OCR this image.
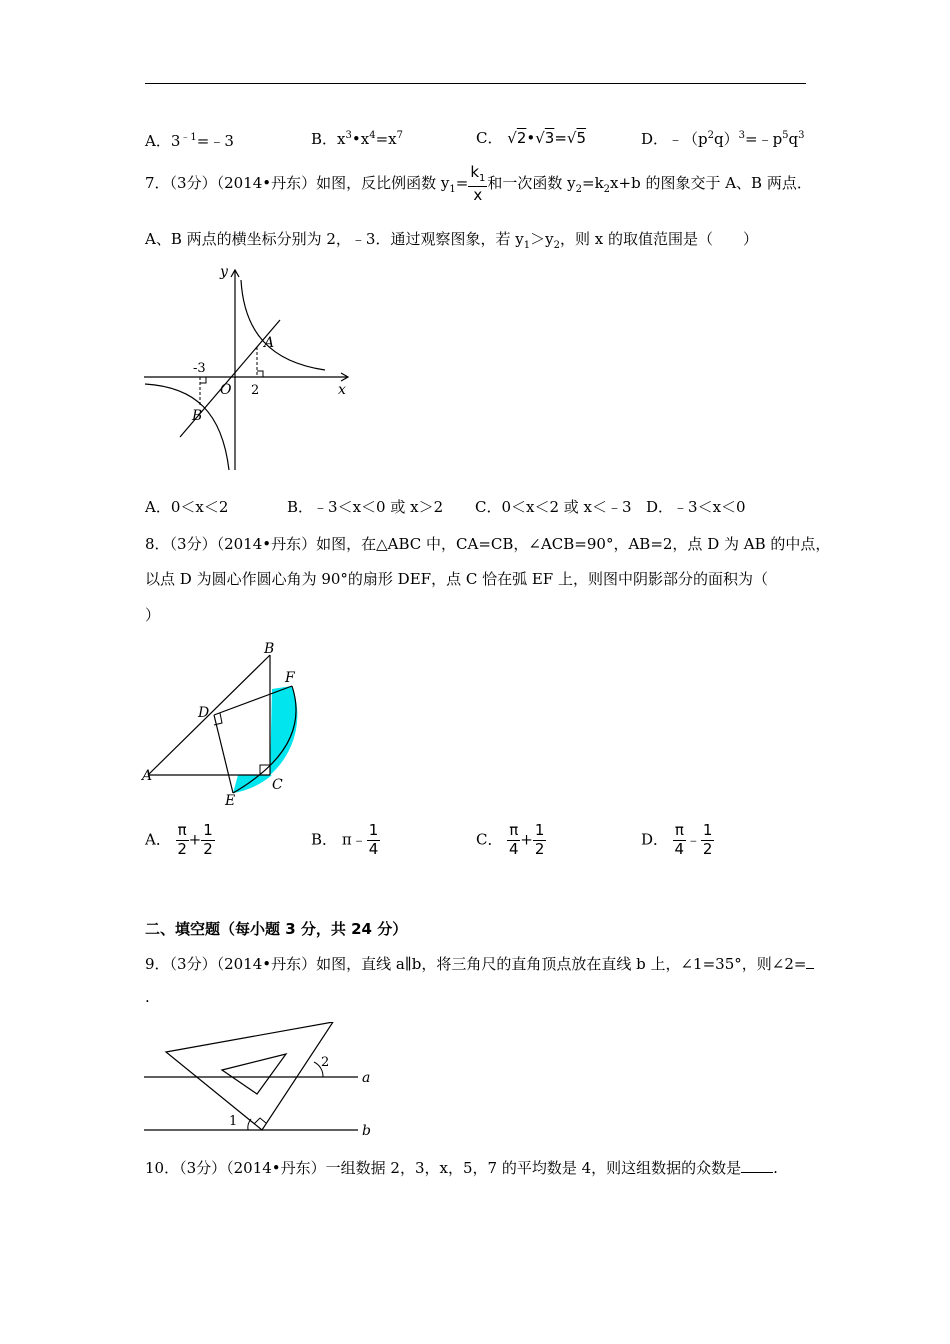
A．$3^{﹣1}=﹣3$	B．$x^3•x^4=x^7$	C． √2•√3=√5	D．$﹣(p^2q)^3=﹣p^5q^3$
7．（3分）（2014•丹东）如图，反比例函数 $y_1= \frac{k_1}{x}$ 和一次函数 $y_2=k_2x+b$ 的图象交于 A、B 两点．
A、B 两点的横坐标分别为 2，﹣3．通过观察图象，若 $y_1>y_2$，则 x 的取值范围是（　　）
y
x
O
A
B
2
-3
A．0＜x＜2	B．﹣3＜x＜0 或 x＞2 C．0＜x＜2 或 x＜﹣3 D．﹣3＜x＜0
8．（3分）（2014•丹东）如图，在△ABC 中，CA=CB，∠ACB=90°，AB=2，点 D 为 AB 的中点，
以点 D 为圆心作圆心角为 90°的扇形 DEF，点 C 恰在弧 EF 上，则图中阴影部分的面积为（
）
B
F
D
A
C
E
A． $\frac{\pi}{2} + \frac{1}{2}$	B． π﹣ $\frac{1}{4}$	C． $\frac{\pi}{4} + \frac{1}{2}$	D． $\frac{\pi}{4}$ ﹣ $\frac{1}{2}$
二、填空题（每小题 3 分，共 24 分）
9．（3分）（2014•丹东）如图，直线 a∥b，将三角尺的直角顶点放在直线 b 上，∠1=35°，则∠2=
.
a
b
1
2
10．（3分）（2014•丹东）一组数据 2，3，x，5，7 的平均数是 4，则这组数据的众数是 .
